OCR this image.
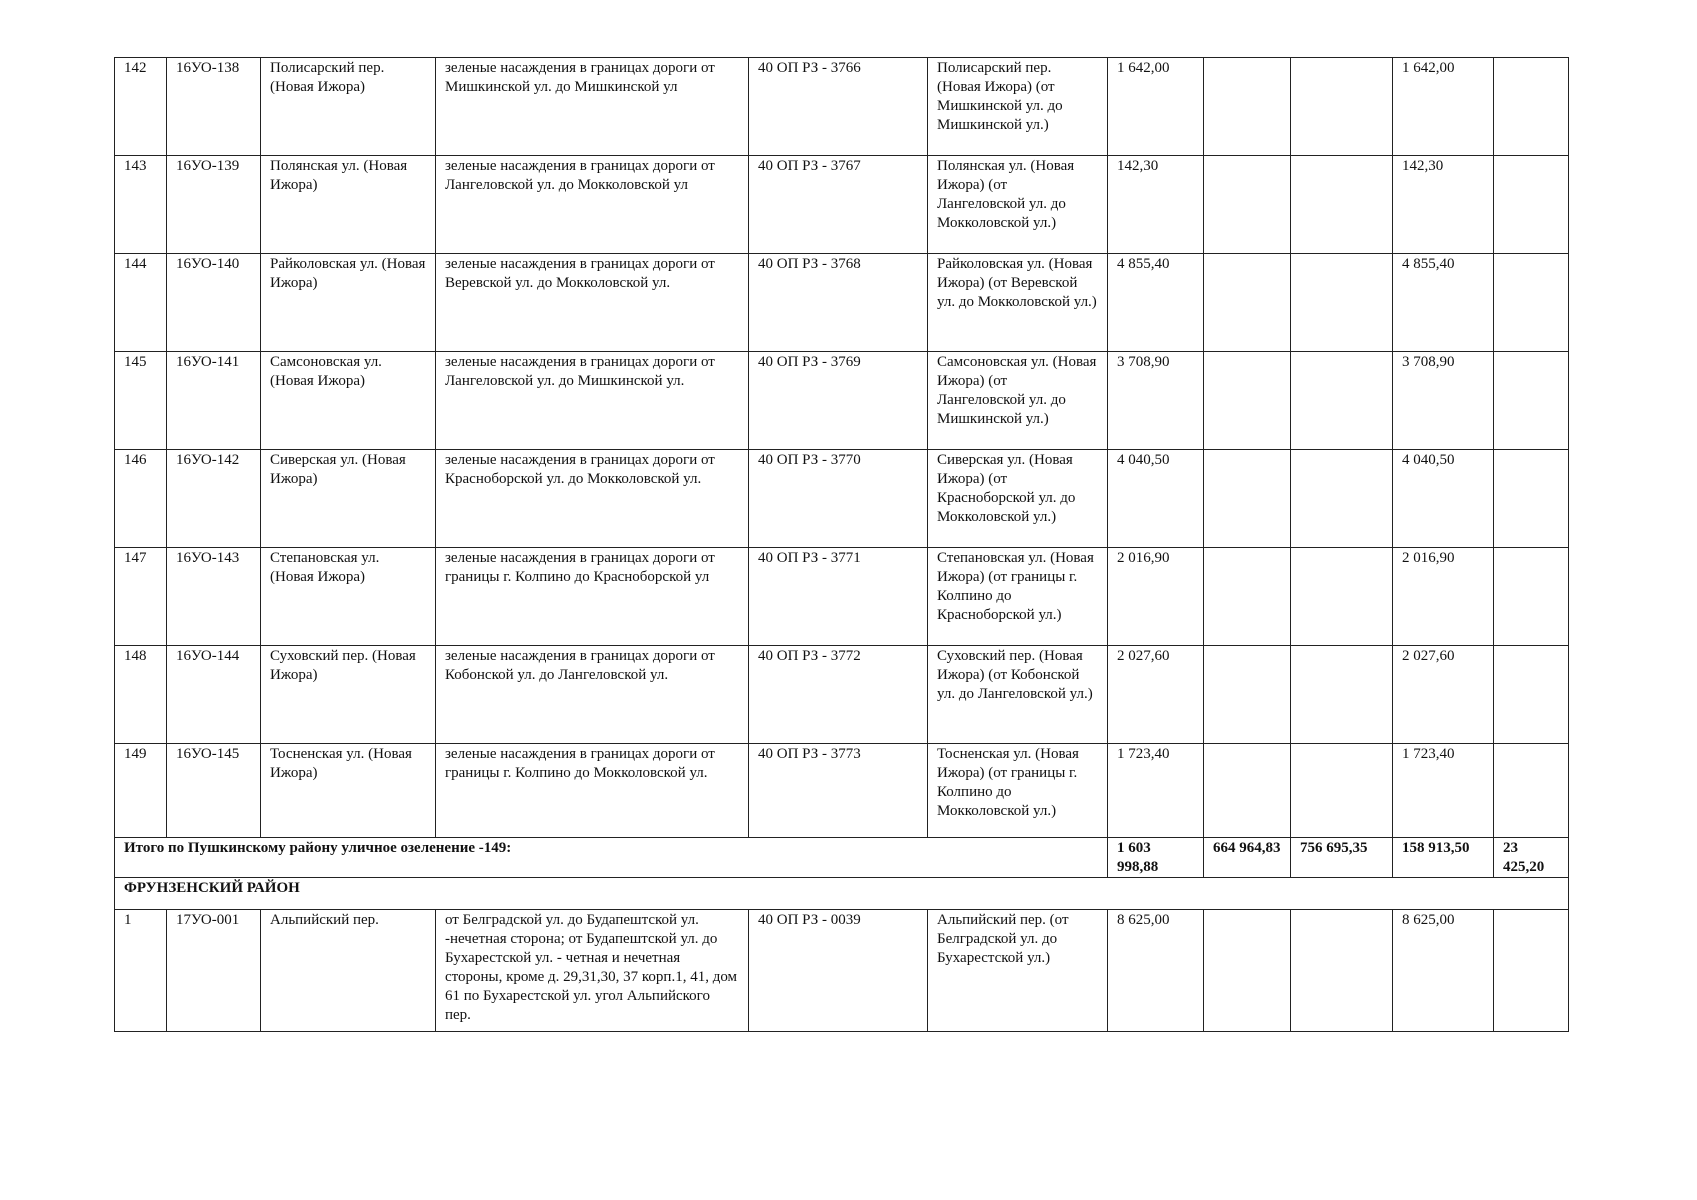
142	16УО-138	Полисарский пер. (Новая Ижора)	зеленые насаждения в границах дороги от Мишкинской ул. до Мишкинской ул	40 ОП РЗ - 3766	Полисарский пер. (Новая Ижора) (от Мишкинской ул. до Мишкинской ул.)	1 642,00			1 642,00	
143	16УО-139	Полянская ул. (Новая Ижора)	зеленые насаждения в границах дороги от Лангеловской ул. до Мокколовской ул	40 ОП РЗ - 3767	Полянская ул. (Новая Ижора) (от Лангеловской ул. до Мокколовской ул.)	142,30			142,30	
144	16УО-140	Райколовская ул. (Новая Ижора)	зеленые насаждения в границах дороги от Веревской ул. до Мокколовской ул.	40 ОП РЗ - 3768	Райколовская ул. (Новая Ижора) (от Веревской ул. до Мокколовской ул.)	4 855,40			4 855,40	
145	16УО-141	Самсоновская ул. (Новая Ижора)	зеленые насаждения в границах дороги от Лангеловской ул. до Мишкинской ул.	40 ОП РЗ - 3769	Самсоновская ул. (Новая Ижора) (от Лангеловской ул. до Мишкинской ул.)	3 708,90			3 708,90	
146	16УО-142	Сиверская ул. (Новая Ижора)	зеленые насаждения в границах дороги от Красноборской ул. до Мокколовской ул.	40 ОП РЗ - 3770	Сиверская ул. (Новая Ижора) (от Красноборской ул. до Мокколовской ул.)	4 040,50			4 040,50	
147	16УО-143	Степановская ул. (Новая Ижора)	зеленые насаждения в границах дороги от границы г. Колпино до Красноборской ул	40 ОП РЗ - 3771	Степановская ул. (Новая Ижора) (от границы г. Колпино до Красноборской ул.)	2 016,90			2 016,90	
148	16УО-144	Суховский пер. (Новая Ижора)	зеленые насаждения в границах дороги от Кобонской ул. до Лангеловской ул.	40 ОП РЗ - 3772	Суховский пер. (Новая Ижора) (от Кобонской ул. до Лангеловской ул.)	2 027,60			2 027,60	
149	16УО-145	Тосненская ул. (Новая Ижора)	зеленые насаждения в границах дороги от границы г. Колпино до Мокколовской ул.	40 ОП РЗ - 3773	Тосненская ул. (Новая Ижора) (от границы г. Колпино до Мокколовской ул.)	1 723,40			1 723,40	
Итого по Пушкинскому району уличное озеленение -149:						1 603 998,88	664 964,83	756 695,35	158 913,50	23 425,20
ФРУНЗЕНСКИЙ РАЙОН										
1	17УО-001	Альпийский пер.	от Белградской ул. до Будапештской ул. -нечетная сторона; от Будапештской ул. до Бухарестской ул. - четная и нечетная стороны, кроме д. 29,31,30, 37 корп.1, 41, дом 61 по Бухарестской ул. угол Альпийского пер.	40 ОП РЗ - 0039	Альпийский пер. (от Белградской ул. до Бухарестской ул.)	8 625,00			8 625,00	
